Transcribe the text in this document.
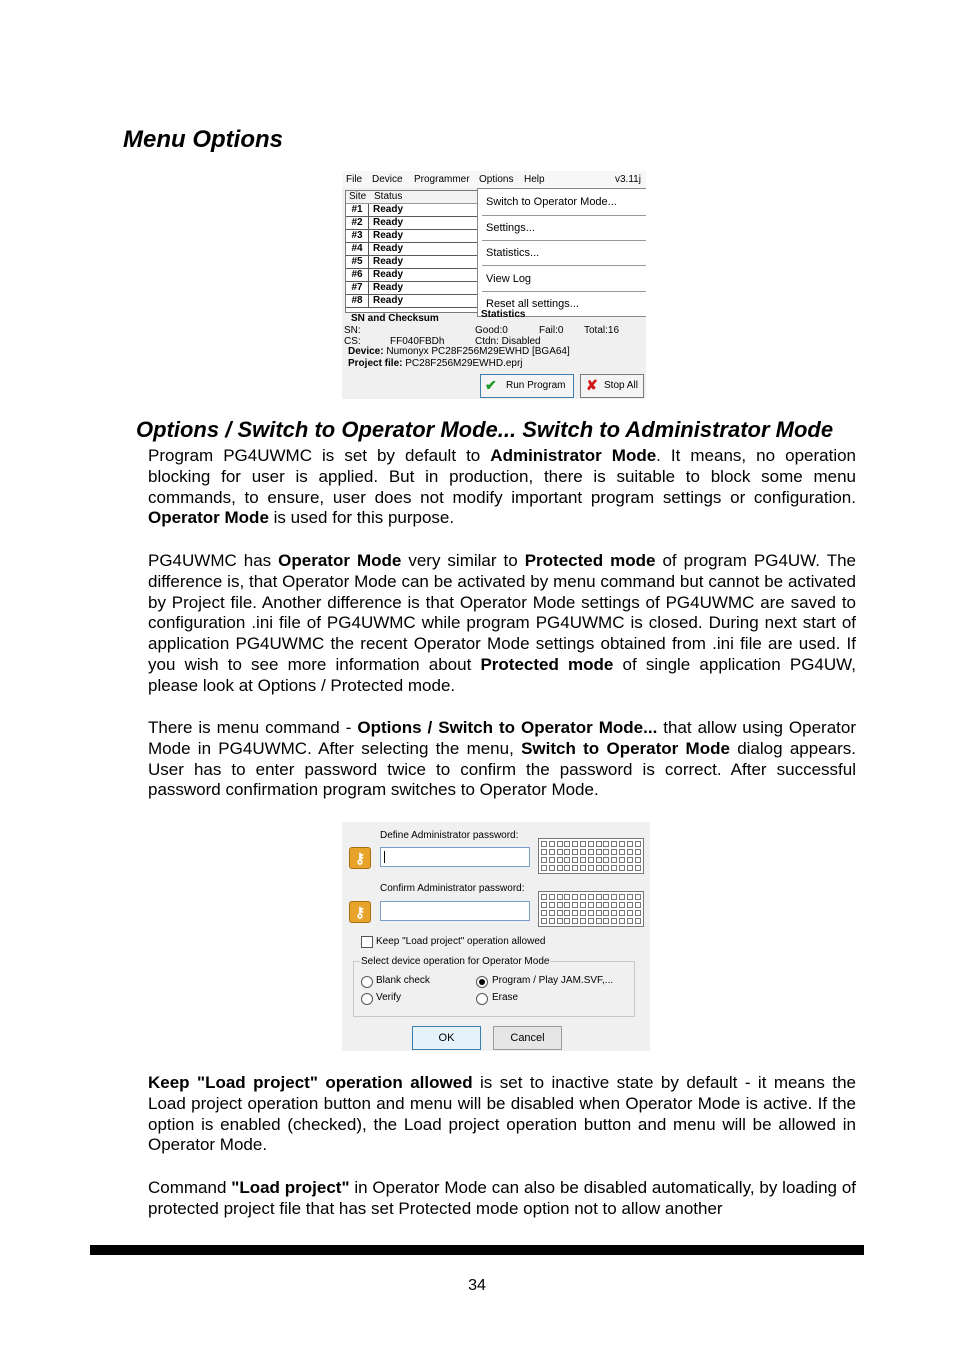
Menu Options
File Device Programmer Options Help	v3.11j
Site Status
#1	Ready
#2	Ready
#3	Ready
#4	Ready
#5	Ready
#6	Ready
#7	Ready
#8	Ready
Switch to Operator Mode...
Settings...
Statistics...
View Log
Reset all settings...
SN and Checksum
SN:
CS:	FF040FBDh
Statistics
Good:0	Fail:0 Total:16
Ctdn: Disabled
Device: Numonyx PC28F256M29EWHD [BGA64]
Project file: PC28F256M29EWHD.eprj
✔ Run Program ✘ Stop All
Options / Switch to Operator Mode... Switch to Administrator Mode
Program PG4UWMC is set by default to Administrator Mode. It means, no operation blocking for user is applied. But in production, there is suitable to block some menu commands, to ensure, user does not modify important program settings or configuration. Operator Mode is used for this purpose.
PG4UWMC has Operator Mode very similar to Protected mode of program PG4UW. The difference is, that Operator Mode can be activated by menu command but cannot be activated by Project file. Another difference is that Operator Mode settings of PG4UWMC are saved to configuration .ini file of PG4UWMC while program PG4UWMC is closed. During next start of application PG4UWMC the recent Operator Mode settings obtained from .ini file are used. If you wish to see more information about Protected mode of single application PG4UW, please look at Options / Protected mode.
There is menu command - Options / Switch to Operator Mode... that allow using Operator Mode in PG4UWMC. After selecting the menu, Switch to Operator Mode dialog appears. User has to enter password twice to confirm the password is correct. After successful password confirmation program switches to Operator Mode.
Define Administrator password:
⚷
Confirm Administrator password:
⚷
Keep "Load project" operation allowed
Select device operation for Operator Mode
Blank check	Program / Play JAM.SVF,...
Verify	Erase
OK	Cancel
Keep "Load project" operation allowed is set to inactive state by default - it means the Load project operation button and menu will be disabled when Operator Mode is active. If the option is enabled (checked), the Load project operation button and menu will be allowed in Operator Mode.
Command "Load project" in Operator Mode can also be disabled automatically, by loading of protected project file that has set Protected mode option not to allow another
34
